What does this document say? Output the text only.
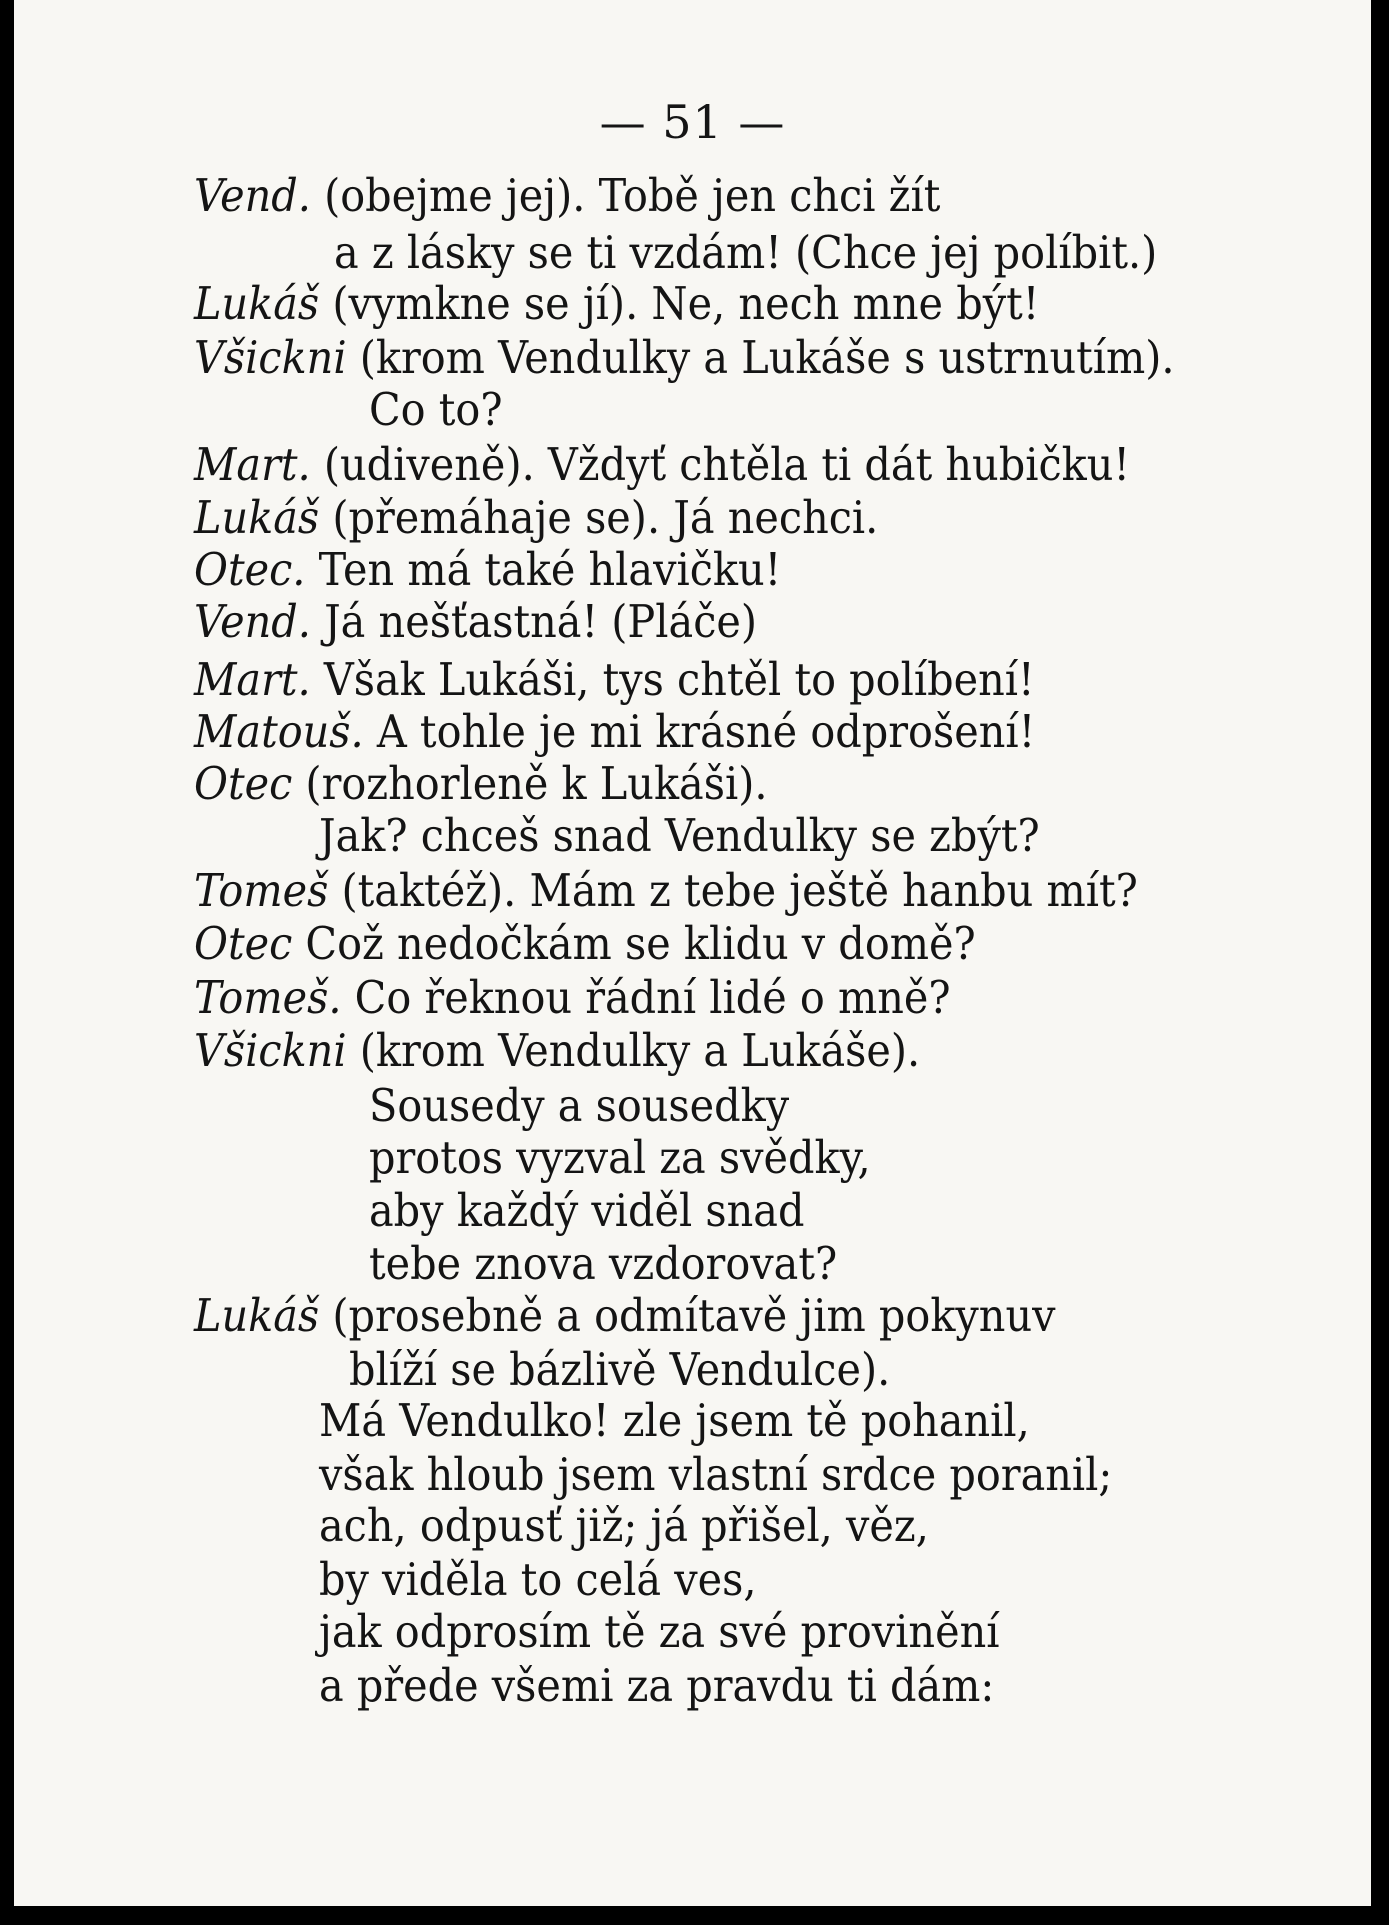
— 51 —
Vend. (obejme jej). Tobě jen chci žít
a z lásky se ti vzdám! (Chce jej políbit.)
Lukáš (vymkne se jí). Ne, nech mne být!
Všickni (krom Vendulky a Lukáše s ustrnutím).
Co to?
Mart. (udiveně). Vždyť chtěla ti dát hubičku!
Lukáš (přemáhaje se). Já nechci.
Otec. Ten má také hlavičku!
Vend. Já nešťastná! (Pláče)
Mart. Však Lukáši, tys chtěl to políbení!
Matouš. A tohle je mi krásné odprošení!
Otec (rozhorleně k Lukáši).
Jak? chceš snad Vendulky se zbýt?
Tomeš (taktéž). Mám z tebe ještě hanbu mít?
Otec Což nedočkám se klidu v domě?
Tomeš. Co řeknou řádní lidé o mně?
Všickni (krom Vendulky a Lukáše).
Sousedy a sousedky
protos vyzval za svědky,
aby každý viděl snad
tebe znova vzdorovat?
Lukáš (prosebně a odmítavě jim pokynuv
blíží se bázlivě Vendulce).
Má Vendulko! zle jsem tě pohanil,
však hloub jsem vlastní srdce poranil;
ach, odpusť již; já přišel, věz,
by viděla to celá ves,
jak odprosím tě za své provinění
a přede všemi za pravdu ti dám:
